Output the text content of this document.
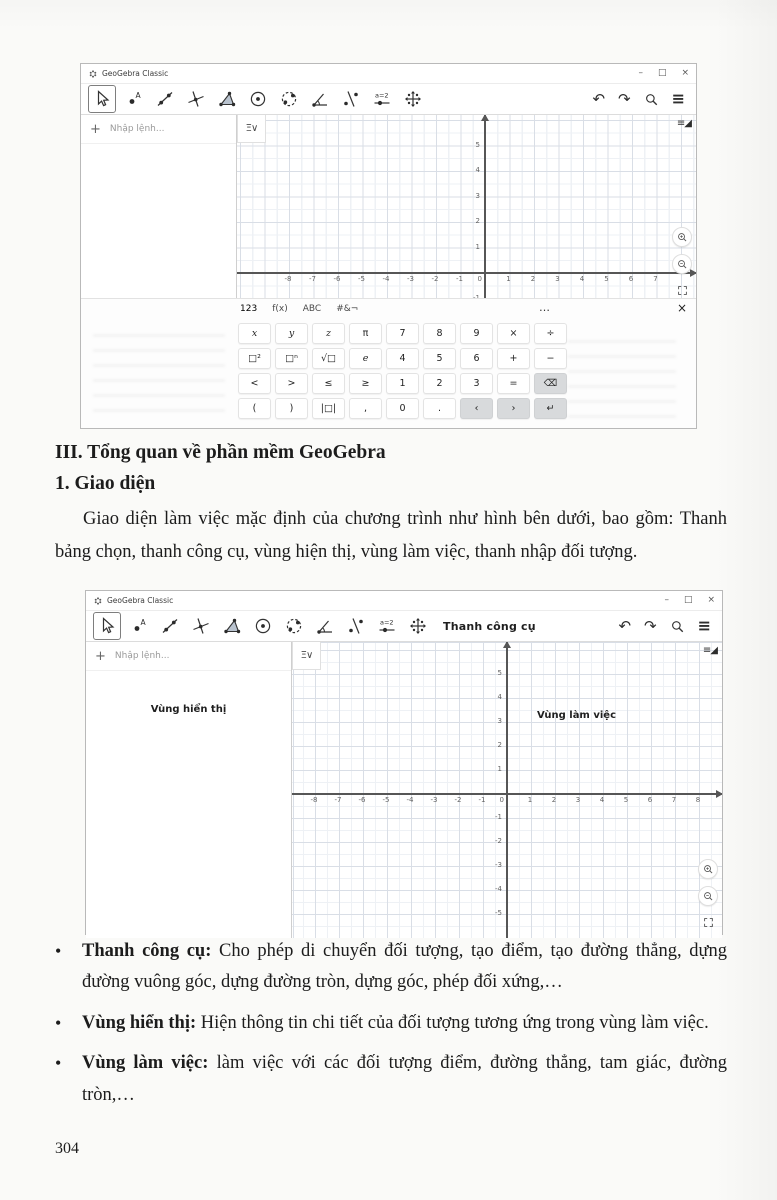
GeoGebra Classic	– □ ×
A	a=2	↶ ↷	≡
+ Nhập lệnh...	Ξ∨	≡◢
-8	-7	-6	-5	-4	-3	-2	-1	0	1	2	3	4	5	6	7
5
4
3
2
1
123 f(x) ABC #&¬	…	×
x	y	z	π	7	8	9	×	÷
□²	□ⁿ	√□	e	4	5	6	+	−
<	>	≤	≥	1	2	3	=	⌫
(	)	|□|	,	0	.	‹	›	↵
III. Tổng quan về phần mềm GeoGebra
1. Giao diện

Giao diện làm việc mặc định của chương trình như hình bên dưới, bao gồm: Thanh bảng chọn, thanh công cụ, vùng hiện thị, vùng làm việc, thanh nhập đối tượng.

GeoGebra Classic	– □ ×
A	a=2	Thanh công cụ	↶ ↷	≡
+ Nhập lệnh...
Vùng hiển thị
Ξ∨
Vùng làm việc
≡◢
-8	-7	-6	-5	-4	-3	-2	-1	0	1	2	3	4	5	6	7	8
5
4
3
2
1
-1
-2
-3
-4
-5
•	Thanh công cụ: Cho phép di chuyển đối tượng, tạo điểm, tạo đường thẳng, dựng đường vuông góc, dựng đường tròn, dựng góc, phép đối xứng,…
•	Vùng hiển thị: Hiện thông tin chi tiết của đối tượng tương ứng trong vùng làm việc.
•	Vùng làm việc: làm việc với các đối tượng điểm, đường thẳng, tam giác, đường tròn,…
304
